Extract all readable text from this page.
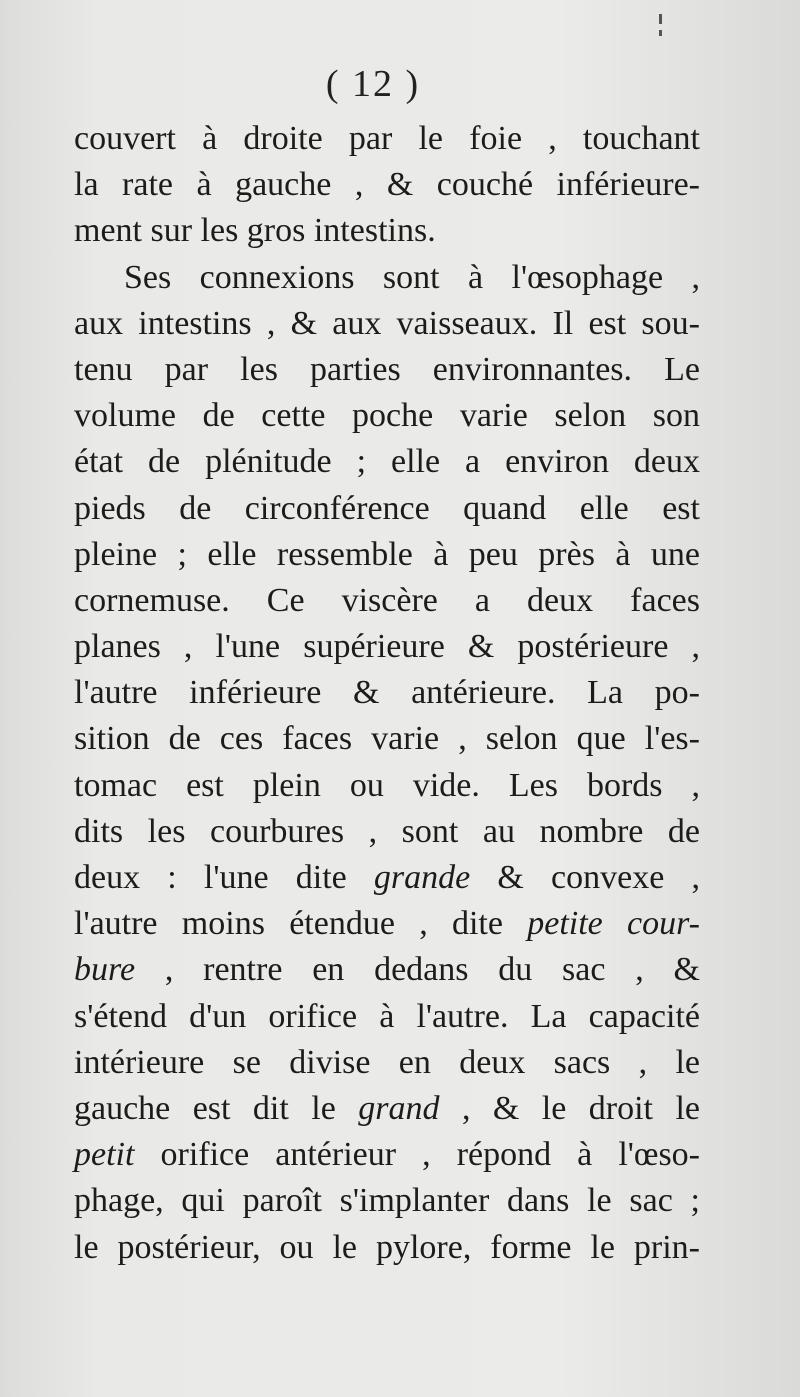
( 12 )
couvert à droite par le foie , touchant
la rate à gauche , & couché inférieure-
ment sur les gros intestins.
Ses connexions sont à l'œsophage ,
aux intestins , & aux vaisseaux. Il est sou-
tenu par les parties environnantes. Le
volume de cette poche varie selon son
état de plénitude ; elle a environ deux
pieds de circonférence quand elle est
pleine ; elle ressemble à peu près à une
cornemuse. Ce viscère a deux faces
planes , l'une supérieure & postérieure ,
l'autre inférieure & antérieure. La po-
sition de ces faces varie , selon que l'es-
tomac est plein ou vide. Les bords ,
dits les courbures , sont au nombre de
deux : l'une dite grande & convexe ,
l'autre moins étendue , dite petite cour-
bure , rentre en dedans du sac , &
s'étend d'un orifice à l'autre. La capacité
intérieure se divise en deux sacs , le
gauche est dit le grand , & le droit le
petit orifice antérieur , répond à l'œso-
phage, qui paroît s'implanter dans le sac ;
le postérieur, ou le pylore, forme le prin-
